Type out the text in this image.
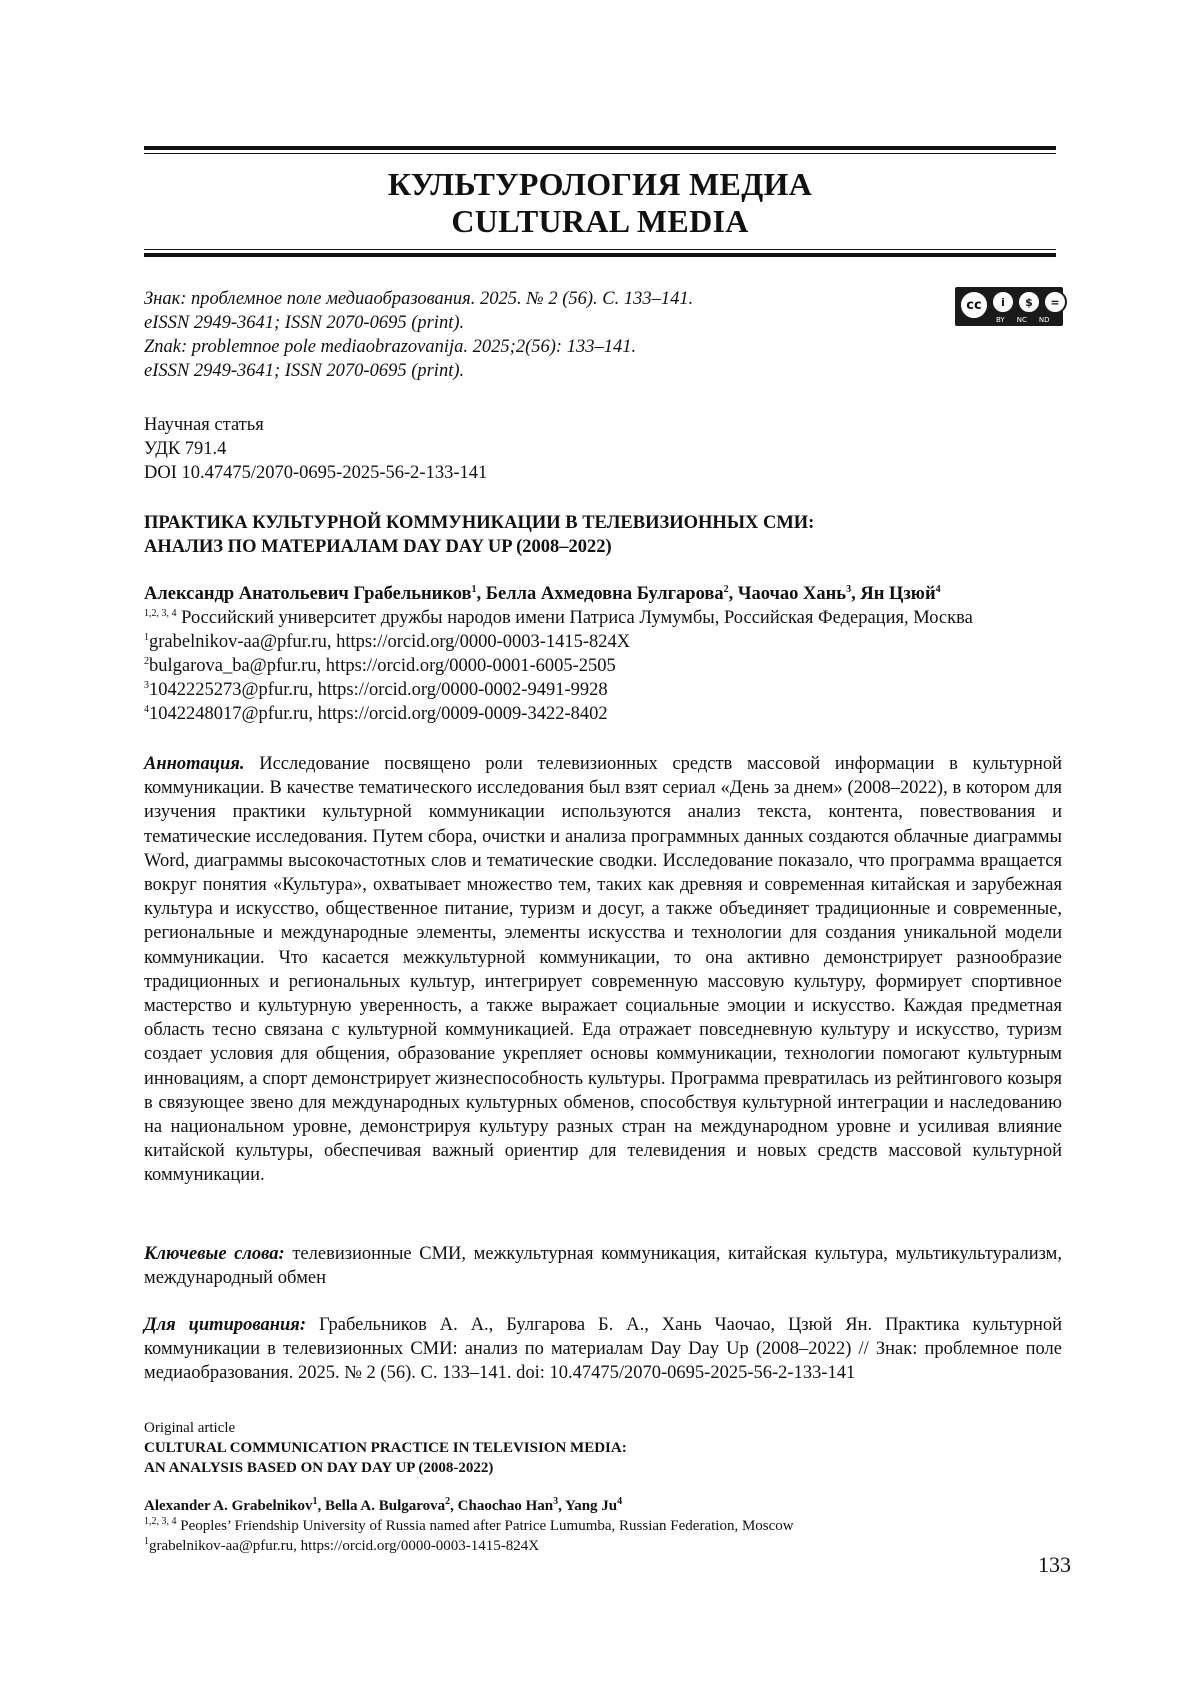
КУЛЬТУРОЛОГИЯ МЕДИА
CULTURAL MEDIA
Знак: проблемное поле медиаобразования. 2025. № 2 (56). С. 133–141.
eISSN 2949-3641; ISSN 2070-0695 (print).
Znak: problemnoe pole mediaobrazovanija. 2025;2(56): 133–141.
eISSN 2949-3641; ISSN 2070-0695 (print).
cc	i	$	=
BY NC ND
Научная статья
УДК 791.4
DOI 10.47475/2070-0695-2025-56-2-133-141
ПРАКТИКА КУЛЬТУРНОЙ КОММУНИКАЦИИ В ТЕЛЕВИЗИОННЫХ СМИ:
АНАЛИЗ ПО МАТЕРИАЛАМ DAY DAY UP (2008–2022)
Александр Анатольевич Грабельников$^1$, Белла Ахмедовна Булгарова$^2$, Чаочао Хань$^3$, Ян Цзюй$^4$
$^{1,2, 3, 4}$ Российский университет дружбы народов имени Патриса Лумумбы, Российская Федерация, Москва
$^1$grabelnikov-aa@pfur.ru, https://orcid.org/0000-0003-1415-824X
$^2$bulgarova_ba@pfur.ru, https://orcid.org/0000-0001-6005-2505
$^3$1042225273@pfur.ru, https://orcid.org/0000-0002-9491-9928
$^4$1042248017@pfur.ru, https://orcid.org/0009-0009-3422-8402
Аннотация. Исследование посвящено роли телевизионных средств массовой информации в культурной коммуникации. В качестве тематического исследования был взят сериал «День за днем» (2008–2022), в котором для изучения практики культурной коммуникации используются анализ текста, контента, повествования и тематические исследования. Путем сбора, очистки и анализа программных данных создаются облачные диаграммы Word, диаграммы высокочастотных слов и тематические сводки. Исследование показало, что программа вращается вокруг понятия «Культура», охватывает множество тем, таких как древняя и современная китайская и зарубежная культура и искусство, общественное питание, туризм и досуг, а также объединяет традиционные и современные, региональные и международные элементы, элементы искусства и технологии для создания уникальной модели коммуникации. Что касается межкультурной коммуникации, то она активно демонстрирует разнообразие традиционных и региональных культур, интегрирует современную массовую культуру, формирует спортивное мастерство и культурную уверенность, а также выражает социальные эмоции и искусство. Каждая предметная область тесно связана с культурной коммуникацией. Еда отражает повседневную культуру и искусство, туризм создает условия для общения, образование укрепляет основы коммуникации, технологии помогают культурным инновациям, а спорт демонстрирует жизнеспособность культуры. Программа превратилась из рейтингового козыря в связующее звено для международных культурных обменов, способствуя культурной интеграции и наследованию на национальном уровне, демонстрируя культуру разных стран на международном уровне и усиливая влияние китайской культуры, обеспечивая важный ориентир для телевидения и новых средств массовой культурной коммуникации.
Ключевые слова: телевизионные СМИ, межкультурная коммуникация, китайская культура, мультикультурализм, международный обмен
Для цитирования: Грабельников А. А., Булгарова Б. А., Хань Чаочао, Цзюй Ян. Практика культурной коммуникации в телевизионных СМИ: анализ по материалам Day Day Up (2008–2022) // Знак: проблемное поле медиаобразования. 2025. № 2 (56). С. 133–141. doi: 10.47475/2070-0695-2025-56-2-133-141
Original article
CULTURAL COMMUNICATION PRACTICE IN TELEVISION MEDIA:
AN ANALYSIS BASED ON DAY DAY UP (2008-2022)
Alexander A. Grabelnikov$^1$, Bella A. Bulgarova$^2$, Chaochao Han$^3$, Yang Ju$^4$
$^{1,2, 3, 4}$ Peoples’ Friendship University of Russia named after Patrice Lumumba, Russian Federation, Moscow
$^1$grabelnikov-aa@pfur.ru, https://orcid.org/0000-0003-1415-824X
133
